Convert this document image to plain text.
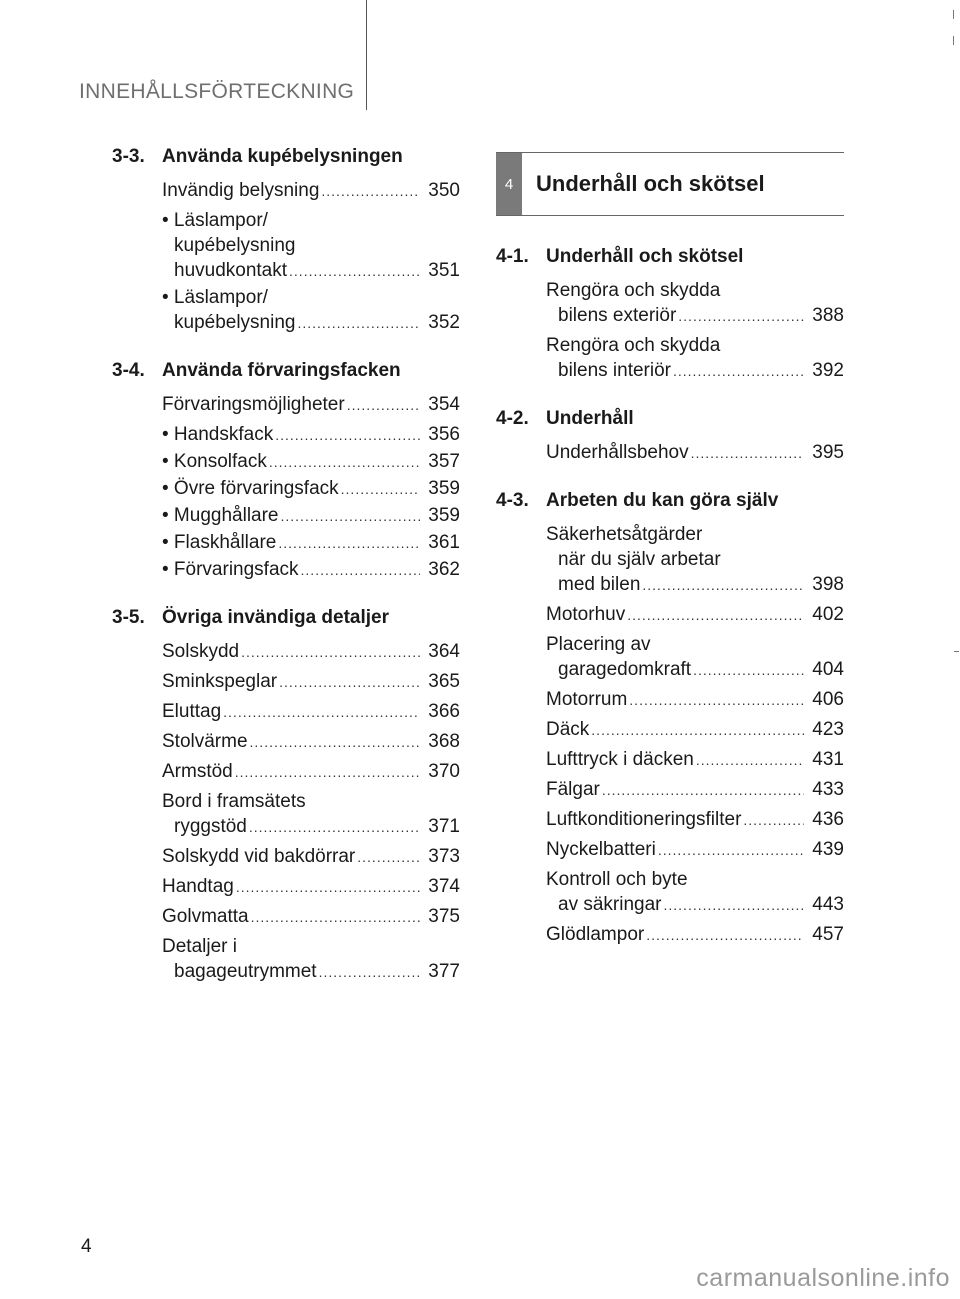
INNEHÅLLSFÖRTECKNING
3-3. Använda kupébelysningen
Invändig belysning .....	350
• Läslampor/
kupébelysning
huvudkontakt .....	351
• Läslampor/
kupébelysning .....	352
3-4. Använda förvaringsfacken
Förvaringsmöjligheter .....	354
• Handskfack .....	356
• Konsolfack .....	357
• Övre förvaringsfack .....	359
• Mugghållare .....	359
• Flaskhållare .....	361
• Förvaringsfack .....	362
3-5. Övriga invändiga detaljer
Solskydd .....	364
Sminkspeglar .....	365
Eluttag .....	366
Stolvärme .....	368
Armstöd .....	370
Bord i framsätets
ryggstöd .....	371
Solskydd vid bakdörrar .....	373
Handtag .....	374
Golvmatta .....	375
Detaljer i
bagageutrymmet .....	377
4	Underhåll och skötsel
4-1. Underhåll och skötsel
Rengöra och skydda
bilens exteriör .....	388
Rengöra och skydda
bilens interiör .....	392
4-2. Underhåll
Underhållsbehov .....	395
4-3. Arbeten du kan göra själv
Säkerhetsåtgärder
när du själv arbetar
med bilen .....	398
Motorhuv .....	402
Placering av
garagedomkraft .....	404
Motorrum .....	406
Däck .....	423
Lufttryck i däcken .....	431
Fälgar .....	433
Luftkonditioneringsfilter .....	436
Nyckelbatteri .....	439
Kontroll och byte
av säkringar .....	443
Glödlampor .....	457
4
carmanualsonline.info
